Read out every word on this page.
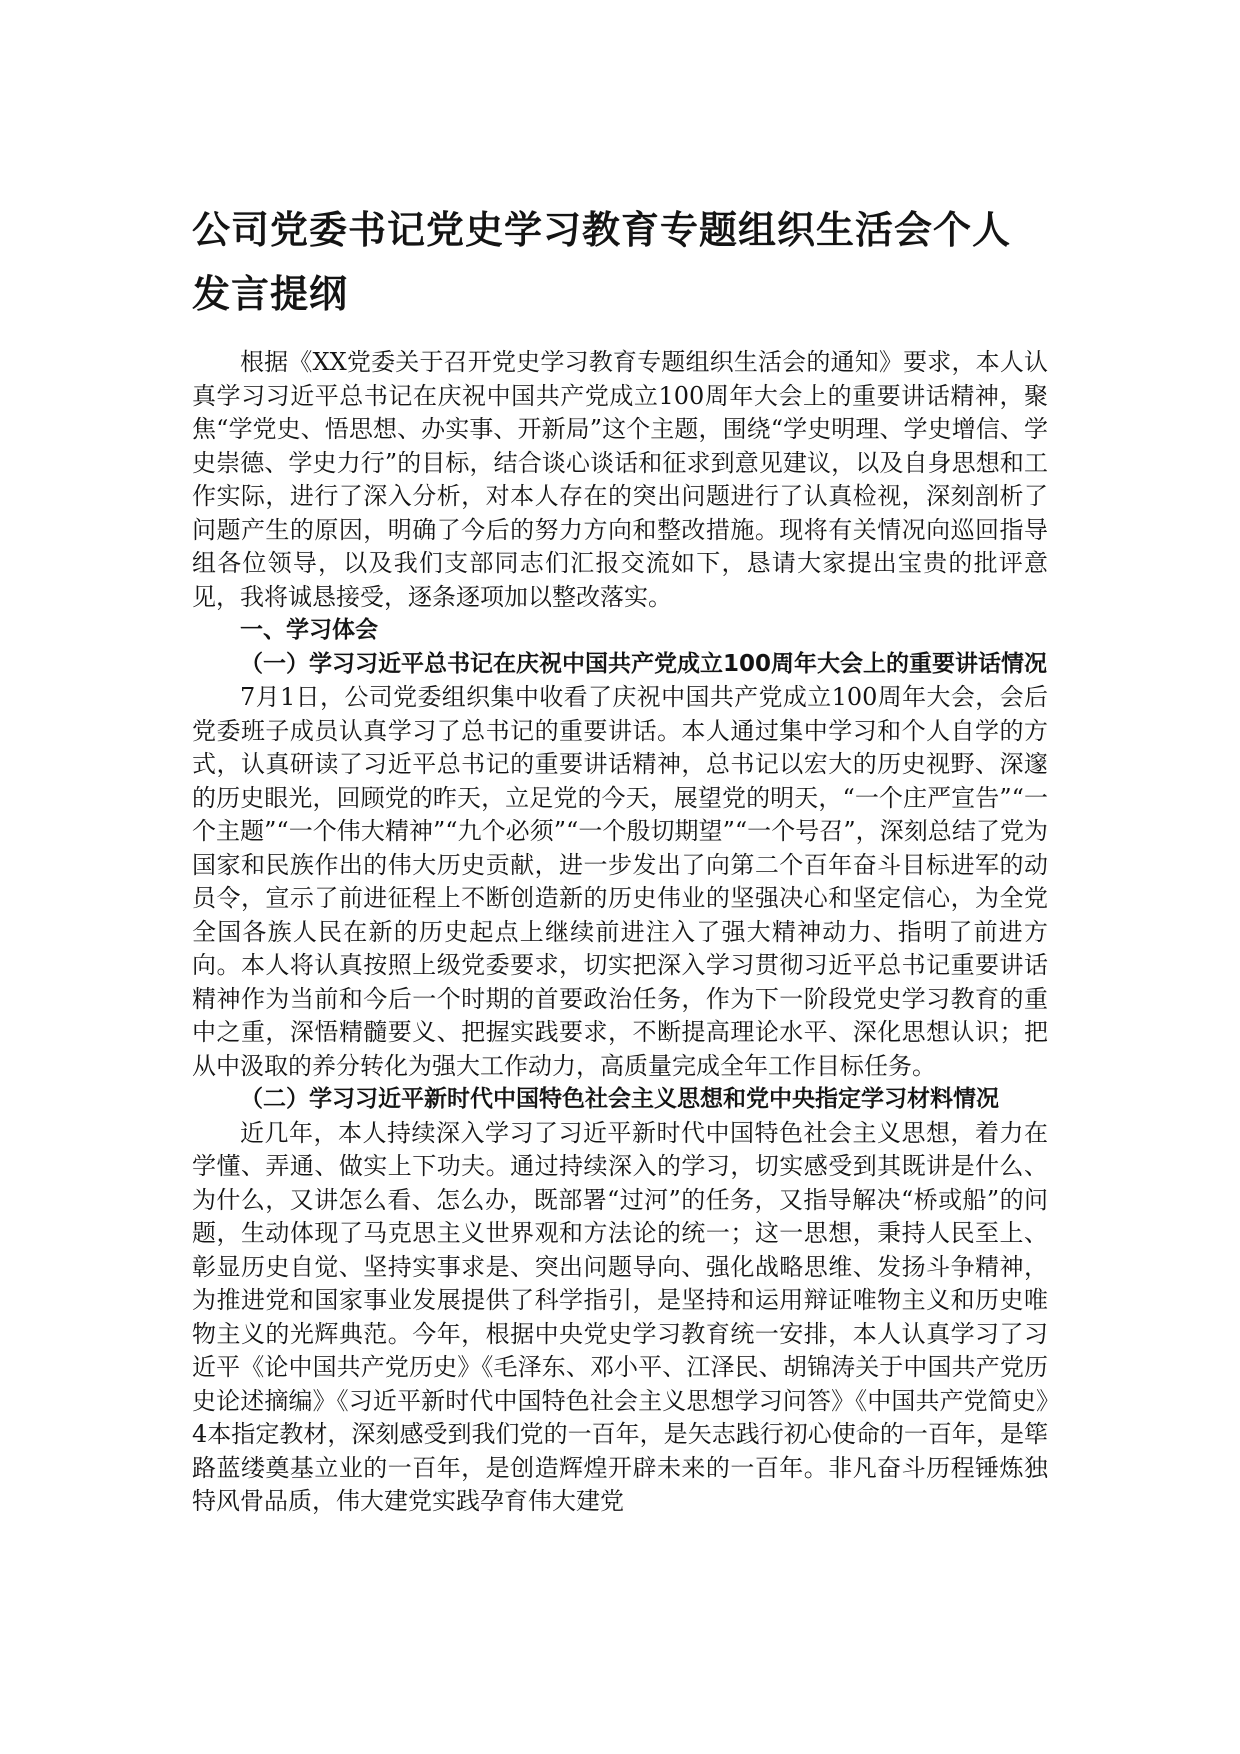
公司党委书记党史学习教育专题组织生活会个人发言提纲

根据《XX党委关于召开党史学习教育专题组织生活会的通知》要求，本人认真学习习近平总书记在庆祝中国共产党成立100周年大会上的重要讲话精神，聚焦“学党史、悟思想、办实事、开新局”这个主题，围绕“学史明理、学史增信、学史崇德、学史力行”的目标，结合谈心谈话和征求到意见建议，以及自身思想和工作实际，进行了深入分析，对本人存在的突出问题进行了认真检视，深刻剖析了问题产生的原因，明确了今后的努力方向和整改措施。现将有关情况向巡回指导组各位领导，以及我们支部同志们汇报交流如下，恳请大家提出宝贵的批评意见，我将诚恳接受，逐条逐项加以整改落实。

一、学习体会

（一）学习习近平总书记在庆祝中国共产党成立100周年大会上的重要讲话情况

7月1日，公司党委组织集中收看了庆祝中国共产党成立100周年大会，会后党委班子成员认真学习了总书记的重要讲话。本人通过集中学习和个人自学的方式，认真研读了习近平总书记的重要讲话精神，总书记以宏大的历史视野、深邃的历史眼光，回顾党的昨天，立足党的今天，展望党的明天，“一个庄严宣告”“一个主题”“一个伟大精神”“九个必须”“一个殷切期望”“一个号召”，深刻总结了党为国家和民族作出的伟大历史贡献，进一步发出了向第二个百年奋斗目标进军的动员令，宣示了前进征程上不断创造新的历史伟业的坚强决心和坚定信心，为全党全国各族人民在新的历史起点上继续前进注入了强大精神动力、指明了前进方向。本人将认真按照上级党委要求，切实把深入学习贯彻习近平总书记重要讲话精神作为当前和今后一个时期的首要政治任务，作为下一阶段党史学习教育的重中之重，深悟精髓要义、把握实践要求，不断提高理论水平、深化思想认识；把从中汲取的养分转化为强大工作动力，高质量完成全年工作目标任务。

（二）学习习近平新时代中国特色社会主义思想和党中央指定学习材料情况

近几年，本人持续深入学习了习近平新时代中国特色社会主义思想，着力在学懂、弄通、做实上下功夫。通过持续深入的学习，切实感受到其既讲是什么、为什么，又讲怎么看、怎么办，既部署“过河”的任务，又指导解决“桥或船”的问题，生动体现了马克思主义世界观和方法论的统一；这一思想，秉持人民至上、彰显历史自觉、坚持实事求是、突出问题导向、强化战略思维、发扬斗争精神，为推进党和国家事业发展提供了科学指引，是坚持和运用辩证唯物主义和历史唯物主义的光辉典范。今年，根据中央党史学习教育统一安排，本人认真学习了习近平《论中国共产党历史》《毛泽东、邓小平、江泽民、胡锦涛关于中国共产党历史论述摘编》《习近平新时代中国特色社会主义思想学习问答》《中国共产党简史》4本指定教材，深刻感受到我们党的一百年，是矢志践行初心使命的一百年，是筚路蓝缕奠基立业的一百年，是创造辉煌开辟未来的一百年。非凡奋斗历程锤炼独特风骨品质，伟大建党实践孕育伟大建党
